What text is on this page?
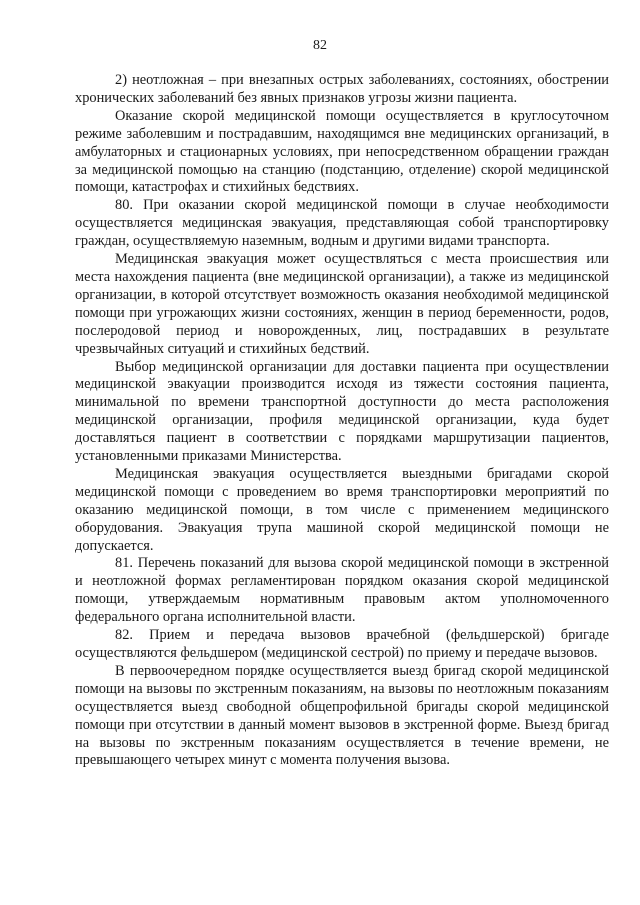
82

2) неотложная – при внезапных острых заболеваниях, состояниях, обострении хронических заболеваний без явных признаков угрозы жизни пациента.

Оказание скорой медицинской помощи осуществляется в круглосуточном режиме заболевшим и пострадавшим, находящимся вне медицинских организаций, в амбулаторных и стационарных условиях, при непосредственном обращении граждан за медицинской помощью на станцию (подстанцию, отделение) скорой медицинской помощи, катастрофах и стихийных бедствиях.

80. При оказании скорой медицинской помощи в случае необходимости осуществляется медицинская эвакуация, представляющая собой транспортировку граждан, осуществляемую наземным, водным и другими видами транспорта.

Медицинская эвакуация может осуществляться с места происшествия или места нахождения пациента (вне медицинской организации), а также из медицинской организации, в которой отсутствует возможность оказания необходимой медицинской помощи при угрожающих жизни состояниях, женщин в период беременности, родов, послеродовой период и новорожденных, лиц, пострадавших в результате чрезвычайных ситуаций и стихийных бедствий.

Выбор медицинской организации для доставки пациента при осуществлении медицинской эвакуации производится исходя из тяжести состояния пациента, минимальной по времени транспортной доступности до места расположения медицинской организации, профиля медицинской организации, куда будет доставляться пациент в соответствии с порядками маршрутизации пациентов, установленными приказами Министерства.

Медицинская эвакуация осуществляется выездными бригадами скорой медицинской помощи с проведением во время транспортировки мероприятий по оказанию медицинской помощи, в том числе с применением медицинского оборудования. Эвакуация трупа машиной скорой медицинской помощи не допускается.

81. Перечень показаний для вызова скорой медицинской помощи в экстренной и неотложной формах регламентирован порядком оказания скорой медицинской помощи, утверждаемым нормативным правовым актом уполномоченного федерального органа исполнительной власти.

82. Прием и передача вызовов врачебной (фельдшерской) бригаде осуществляются фельдшером (медицинской сестрой) по приему и передаче вызовов.

В первоочередном порядке осуществляется выезд бригад скорой медицинской помощи на вызовы по экстренным показаниям, на вызовы по неотложным показаниям осуществляется выезд свободной общепрофильной бригады скорой медицинской помощи при отсутствии в данный момент вызовов в экстренной форме. Выезд бригад на вызовы по экстренным показаниям осуществляется в течение времени, не превышающего четырех минут с момента получения вызова.
